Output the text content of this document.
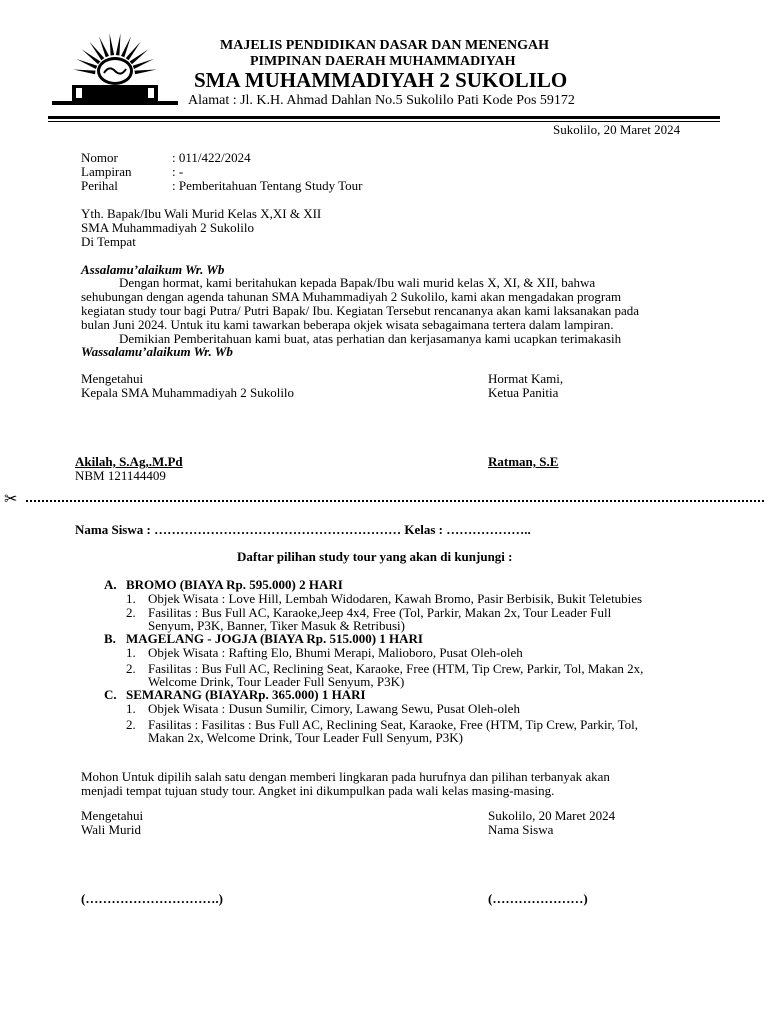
MAJELIS PENDIDIKAN DASAR DAN MENENGAH
PIMPINAN DAERAH MUHAMMADIYAH
SMA MUHAMMADIYAH 2 SUKOLILO
Alamat : Jl. K.H. Ahmad Dahlan No.5 Sukolilo Pati Kode Pos 59172
Sukolilo, 20 Maret 2024
Nomor	: 011/422/2024
Lampiran	: -
Perihal	: Pemberitahuan Tentang Study Tour
Yth. Bapak/Ibu Wali Murid Kelas X,XI & XII
SMA Muhammadiyah 2 Sukolilo
Di Tempat
Assalamu’alaikum Wr. Wb
Dengan hormat, kami beritahukan kepada Bapak/Ibu wali murid kelas X, XI, & XII, bahwa
sehubungan dengan agenda tahunan SMA Muhammadiyah 2 Sukolilo, kami akan mengadakan program
kegiatan study tour bagi Putra/ Putri Bapak/ Ibu. Kegiatan Tersebut rencananya akan kami laksanakan pada
bulan Juni 2024. Untuk itu kami tawarkan beberapa okjek wisata sebagaimana tertera dalam lampiran.
Demikian Pemberitahuan kami buat, atas perhatian dan kerjasamanya kami ucapkan terimakasih
Wassalamu’alaikum Wr. Wb
Mengetahui
Kepala SMA Muhammadiyah 2 Sukolilo
Hormat Kami,
Ketua Panitia
Akilah, S.Ag,.M.Pd
NBM 121144409
Ratman, S.E
✂
Nama Siswa : ………………………………………………… Kelas : ………………..
Daftar pilihan study tour yang akan di kunjungi :
A. BROMO (BIAYA Rp. 595.000) 2 HARI
1. Objek Wisata : Love Hill, Lembah Widodaren, Kawah Bromo, Pasir Berbisik, Bukit Teletubies
2. Fasilitas : Bus Full AC, Karaoke,Jeep 4x4, Free (Tol, Parkir, Makan 2x, Tour Leader Full
Senyum, P3K, Banner, Tiker Masuk & Retribusi)
B. MAGELANG - JOGJA (BIAYA Rp. 515.000) 1 HARI
1. Objek Wisata : Rafting Elo, Bhumi Merapi, Malioboro, Pusat Oleh-oleh
2. Fasilitas : Bus Full AC, Reclining Seat, Karaoke, Free (HTM, Tip Crew, Parkir, Tol, Makan 2x,
Welcome Drink, Tour Leader Full Senyum, P3K)
C. SEMARANG (BIAYARp. 365.000) 1 HARI
1. Objek Wisata : Dusun Sumilir, Cimory, Lawang Sewu, Pusat Oleh-oleh
2. Fasilitas : Fasilitas : Bus Full AC, Reclining Seat, Karaoke, Free (HTM, Tip Crew, Parkir, Tol,
Makan 2x, Welcome Drink, Tour Leader Full Senyum, P3K)
Mohon Untuk dipilih salah satu dengan memberi lingkaran pada hurufnya dan pilihan terbanyak akan
menjadi tempat tujuan study tour. Angket ini dikumpulkan pada wali kelas masing-masing.
Mengetahui
Wali Murid
Sukolilo, 20 Maret 2024
Nama Siswa
(………………………….)	(…………………)
